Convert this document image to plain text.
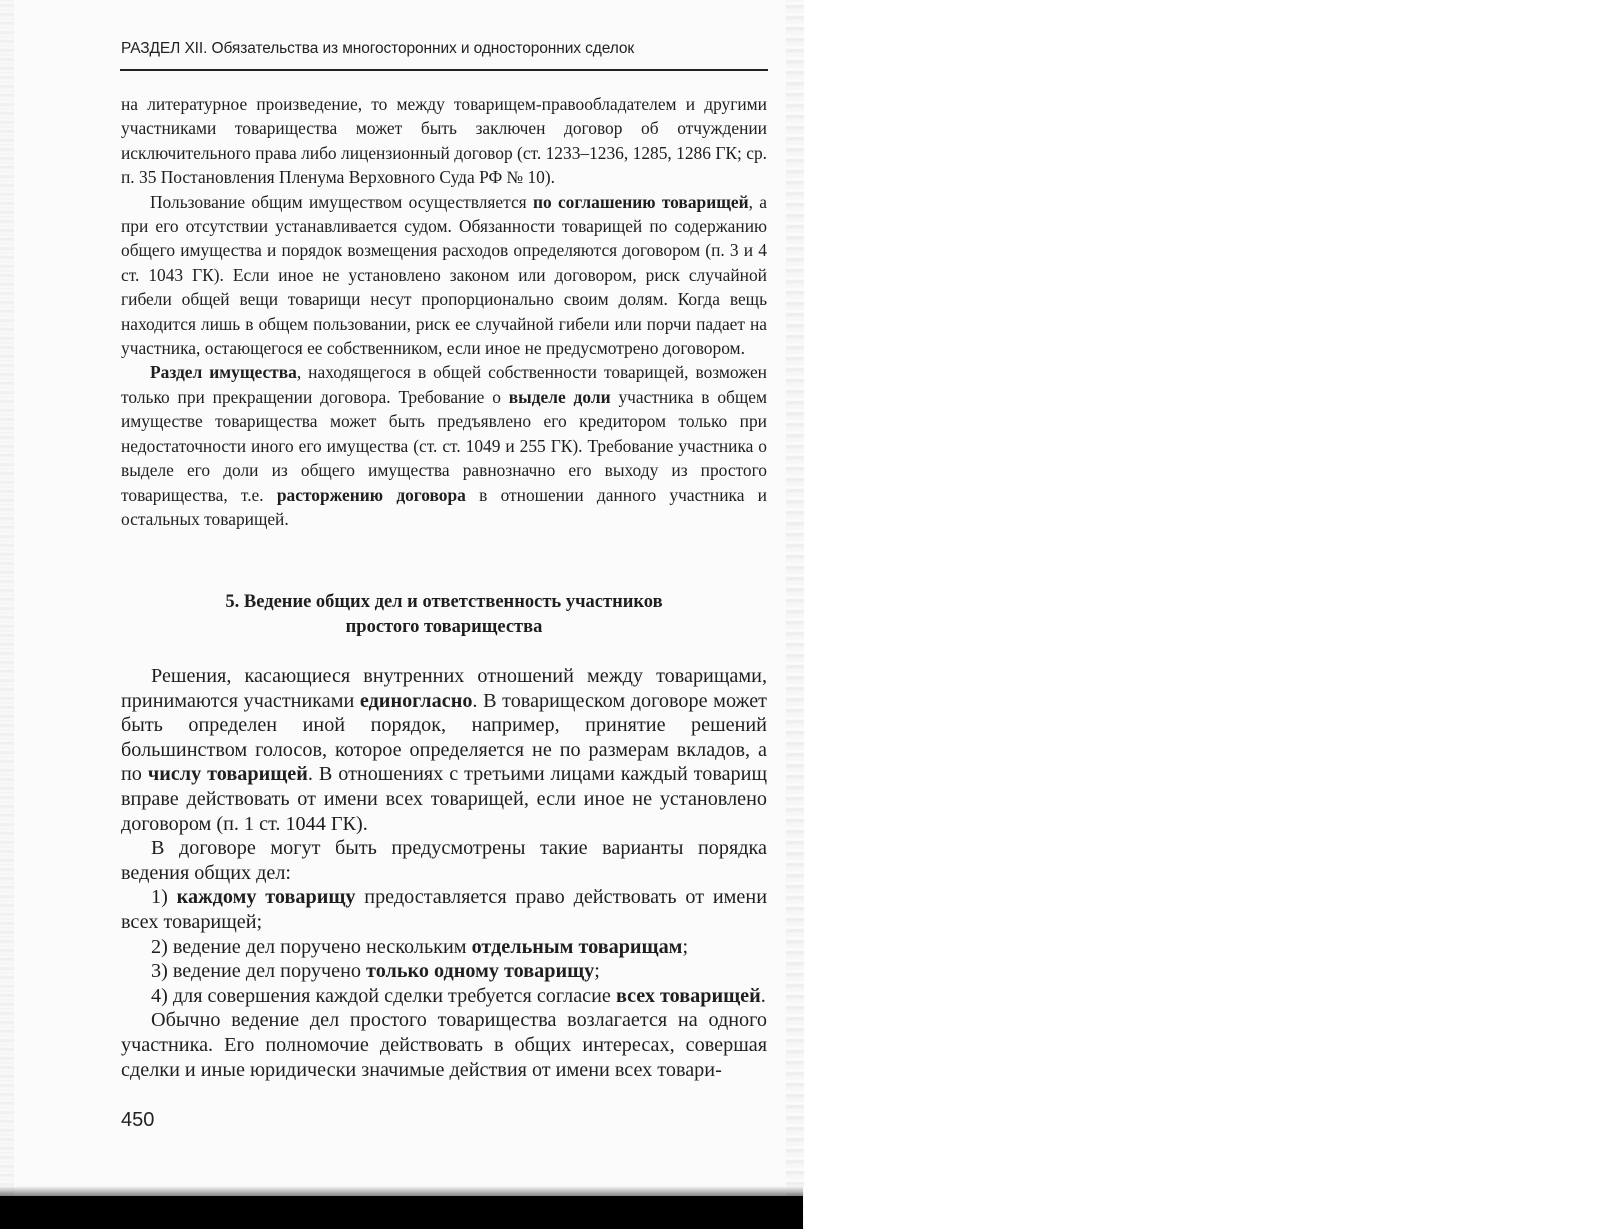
РАЗДЕЛ XII. Обязательства из многосторонних и односторонних сделок

на литературное произведение, то между товарищем-правообладателем и другими участниками товарищества может быть заключен договор об отчуждении исключительного права либо лицензионный договор (ст. 1233–1236, 1285, 1286 ГК; ср. п. 35 Постановления Пленума Верховного Суда РФ № 10).

Пользование общим имуществом осуществляется по соглашению товарищей, а при его отсутствии устанавливается судом. Обязанности товарищей по содержанию общего имущества и порядок возмещения расходов определяются договором (п. 3 и 4 ст. 1043 ГК). Если иное не установлено законом или договором, риск случайной гибели общей вещи товарищи несут пропорционально своим долям. Когда вещь находится лишь в общем пользовании, риск ее случайной гибели или порчи падает на участника, остающегося ее собственником, если иное не предусмотрено договором.

Раздел имущества, находящегося в общей собственности товарищей, возможен только при прекращении договора. Требование о выделе доли участника в общем имуществе товарищества может быть предъявлено его кредитором только при недостаточности иного его имущества (ст. ст. 1049 и 255 ГК). Требование участника о выделе его доли из общего имущества равнозначно его выходу из простого товарищества, т.е. расторжению договора в отношении данного участника и остальных товарищей.

5. Ведение общих дел и ответственность участников
простого товарищества

Решения, касающиеся внутренних отношений между товарищами, принимаются участниками единогласно. В товарищеском договоре может быть определен иной порядок, например, принятие решений большинством голосов, которое определяется не по размерам вкладов, а по числу товарищей. В отношениях с третьими лицами каждый товарищ вправе действовать от имени всех товарищей, если иное не установлено договором (п. 1 ст. 1044 ГК).

В договоре могут быть предусмотрены такие варианты порядка ведения общих дел:

1) каждому товарищу предоставляется право действовать от имени всех товарищей;

2) ведение дел поручено нескольким отдельным товарищам;

3) ведение дел поручено только одному товарищу;

4) для совершения каждой сделки требуется согласие всех товарищей.

Обычно ведение дел простого товарищества возлагается на одного участника. Его полномочие действовать в общих интересах, совершая сделки и иные юридически значимые действия от имени всех товари-

450
